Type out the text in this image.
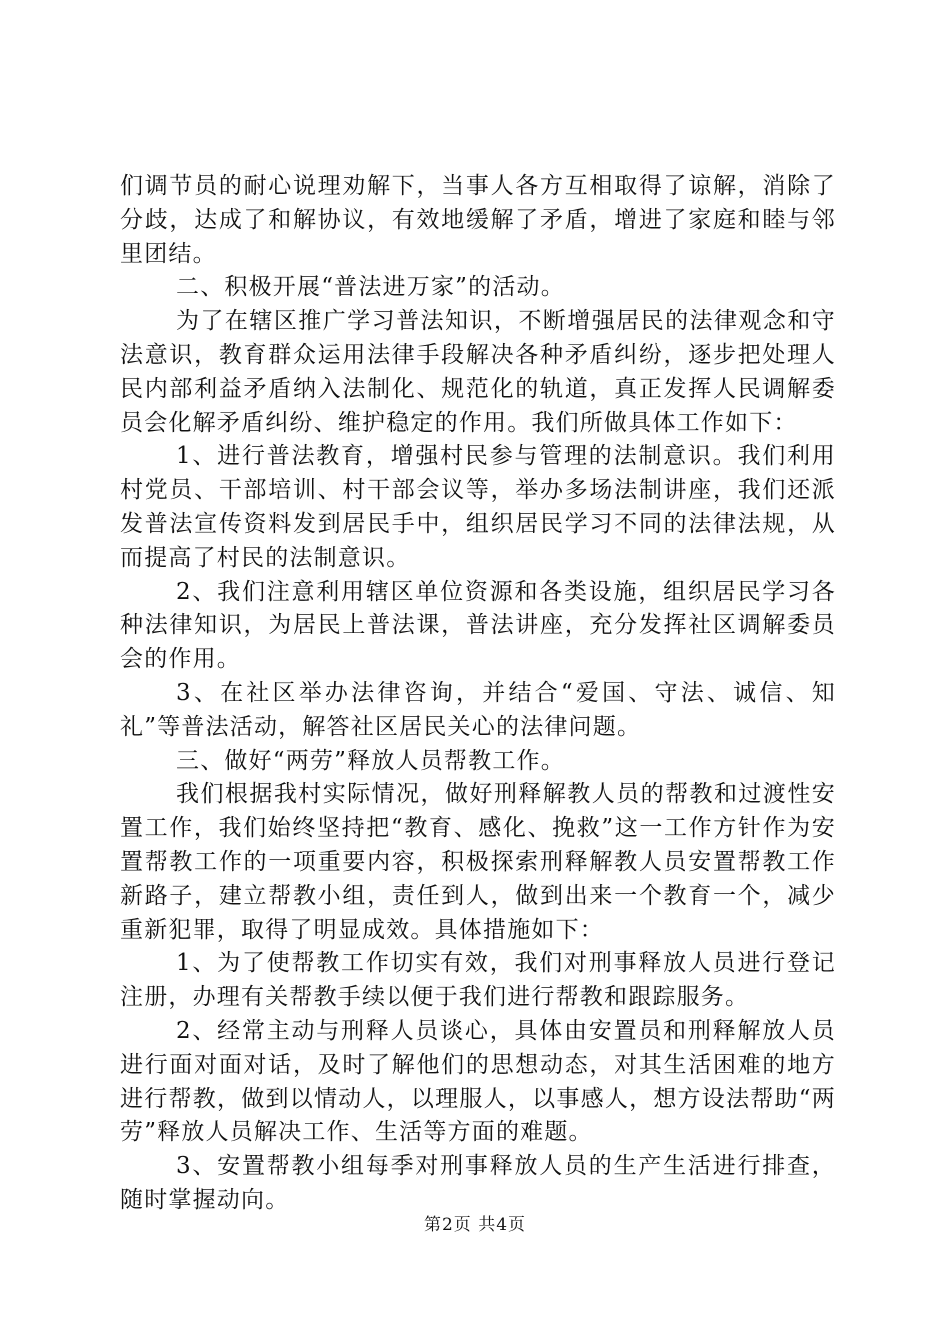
们调节员的耐心说理劝解下，当事人各方互相取得了谅解，消除了分歧，达成了和解协议，有效地缓解了矛盾，增进了家庭和睦与邻里团结。

二、积极开展“普法进万家”的活动。

为了在辖区推广学习普法知识，不断增强居民的法律观念和守法意识，教育群众运用法律手段解决各种矛盾纠纷，逐步把处理人民内部利益矛盾纳入法制化、规范化的轨道，真正发挥人民调解委员会化解矛盾纠纷、维护稳定的作用。我们所做具体工作如下：

1、进行普法教育，增强村民参与管理的法制意识。我们利用村党员、干部培训、村干部会议等，举办多场法制讲座，我们还派发普法宣传资料发到居民手中，组织居民学习不同的法律法规，从而提高了村民的法制意识。

2、我们注意利用辖区单位资源和各类设施，组织居民学习各种法律知识，为居民上普法课，普法讲座，充分发挥社区调解委员会的作用。

3、在社区举办法律咨询，并结合“爱国、守法、诚信、知礼”等普法活动，解答社区居民关心的法律问题。

三、做好“两劳”释放人员帮教工作。

我们根据我村实际情况，做好刑释解教人员的帮教和过渡性安置工作，我们始终坚持把“教育、感化、挽救”这一工作方针作为安置帮教工作的一项重要内容，积极探索刑释解教人员安置帮教工作新路子，建立帮教小组，责任到人，做到出来一个教育一个，减少重新犯罪，取得了明显成效。具体措施如下：

1、为了使帮教工作切实有效，我们对刑事释放人员进行登记注册，办理有关帮教手续以便于我们进行帮教和跟踪服务。

2、经常主动与刑释人员谈心，具体由安置员和刑释解放人员进行面对面对话，及时了解他们的思想动态，对其生活困难的地方进行帮教，做到以情动人，以理服人，以事感人，想方设法帮助“两劳”释放人员解决工作、生活等方面的难题。

3、安置帮教小组每季对刑事释放人员的生产生活进行排查，随时掌握动向。

第2页 共4页
